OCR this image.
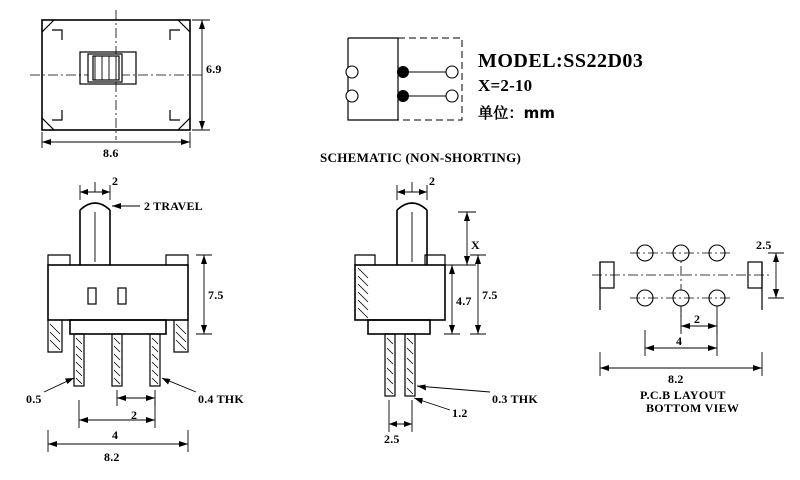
MODEL:SS22D03
X=2-10
单位：mm
SCHEMATIC (NON-SHORTING)
8.6
6.9
2
2 TRAVEL
7.5
0.5	0.4 THK
2
4
8.2
2
X
4.7 7.5
0.3 THK
1.2
2.5
2.5
2
4
8.2
P.C.B LAYOUT
BOTTOM VIEW
